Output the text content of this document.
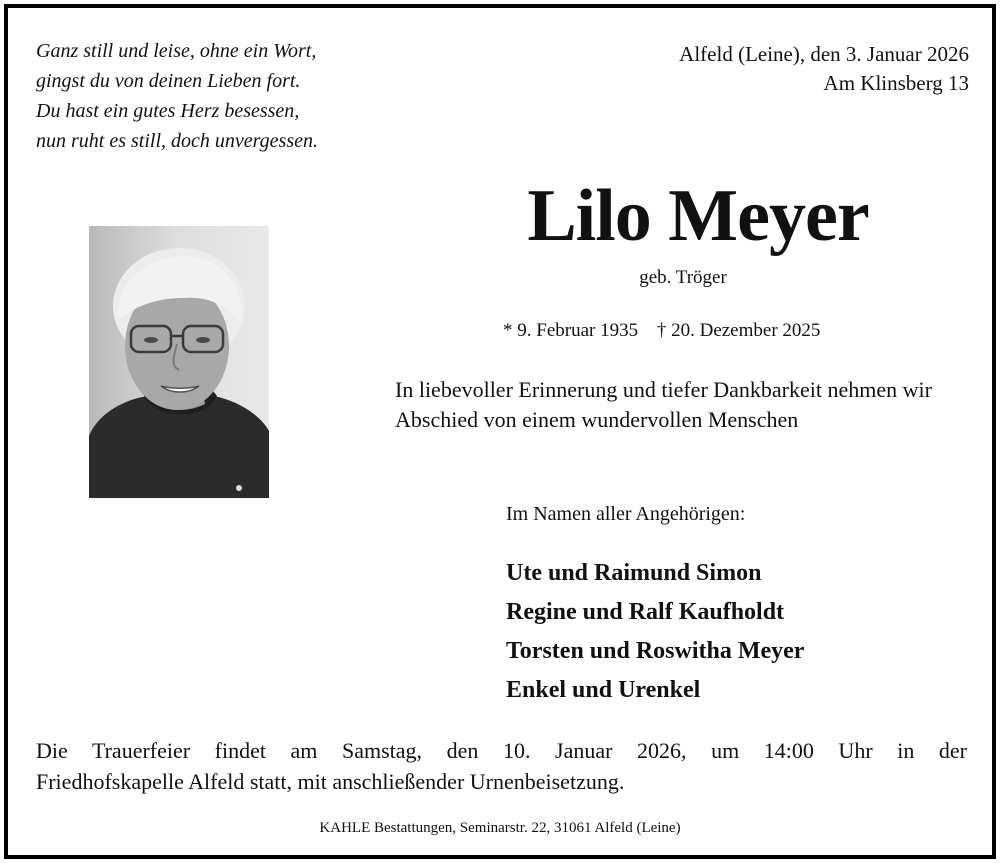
Ganz still und leise, ohne ein Wort,
gingst du von deinen Lieben fort.
Du hast ein gutes Herz besessen,
nun ruht es still, doch unvergessen.
Alfeld (Leine), den 3. Januar 2026
Am Klinsberg 13
Lilo Meyer
geb. Tröger
* 9. Februar 1935 † 20. Dezember 2025
In liebevoller Erinnerung und tiefer Dankbarkeit nehmen wir Abschied von einem wundervollen Menschen
Im Namen aller Angehörigen:
Ute und Raimund Simon
Regine und Ralf Kaufholdt
Torsten und Roswitha Meyer
Enkel und Urenkel
Die Trauerfeier findet am Samstag, den 10. Januar 2026, um 14:00 Uhr in der
Friedhofskapelle Alfeld statt, mit anschließender Urnenbeisetzung.
KAHLE Bestattungen, Seminarstr. 22, 31061 Alfeld (Leine)
